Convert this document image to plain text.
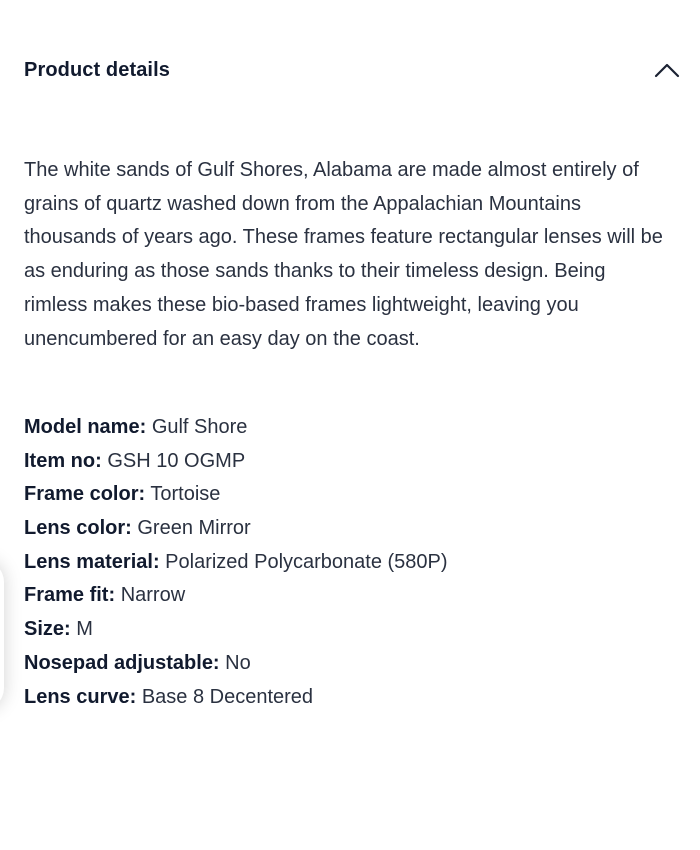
Product details

The white sands of Gulf Shores, Alabama are made almost entirely of grains of quartz washed down from the Appalachian Mountains thousands of years ago. These frames feature rectangular lenses will be as enduring as those sands thanks to their timeless design. Being rimless makes these bio-based frames lightweight, leaving you unencumbered for an easy day on the coast.

Model name: Gulf Shore
Item no: GSH 10 OGMP
Frame color: Tortoise
Lens color: Green Mirror
Lens material: Polarized Polycarbonate (580P)
Frame fit: Narrow
Size: M
Nosepad adjustable: No
Lens curve: Base 8 Decentered
